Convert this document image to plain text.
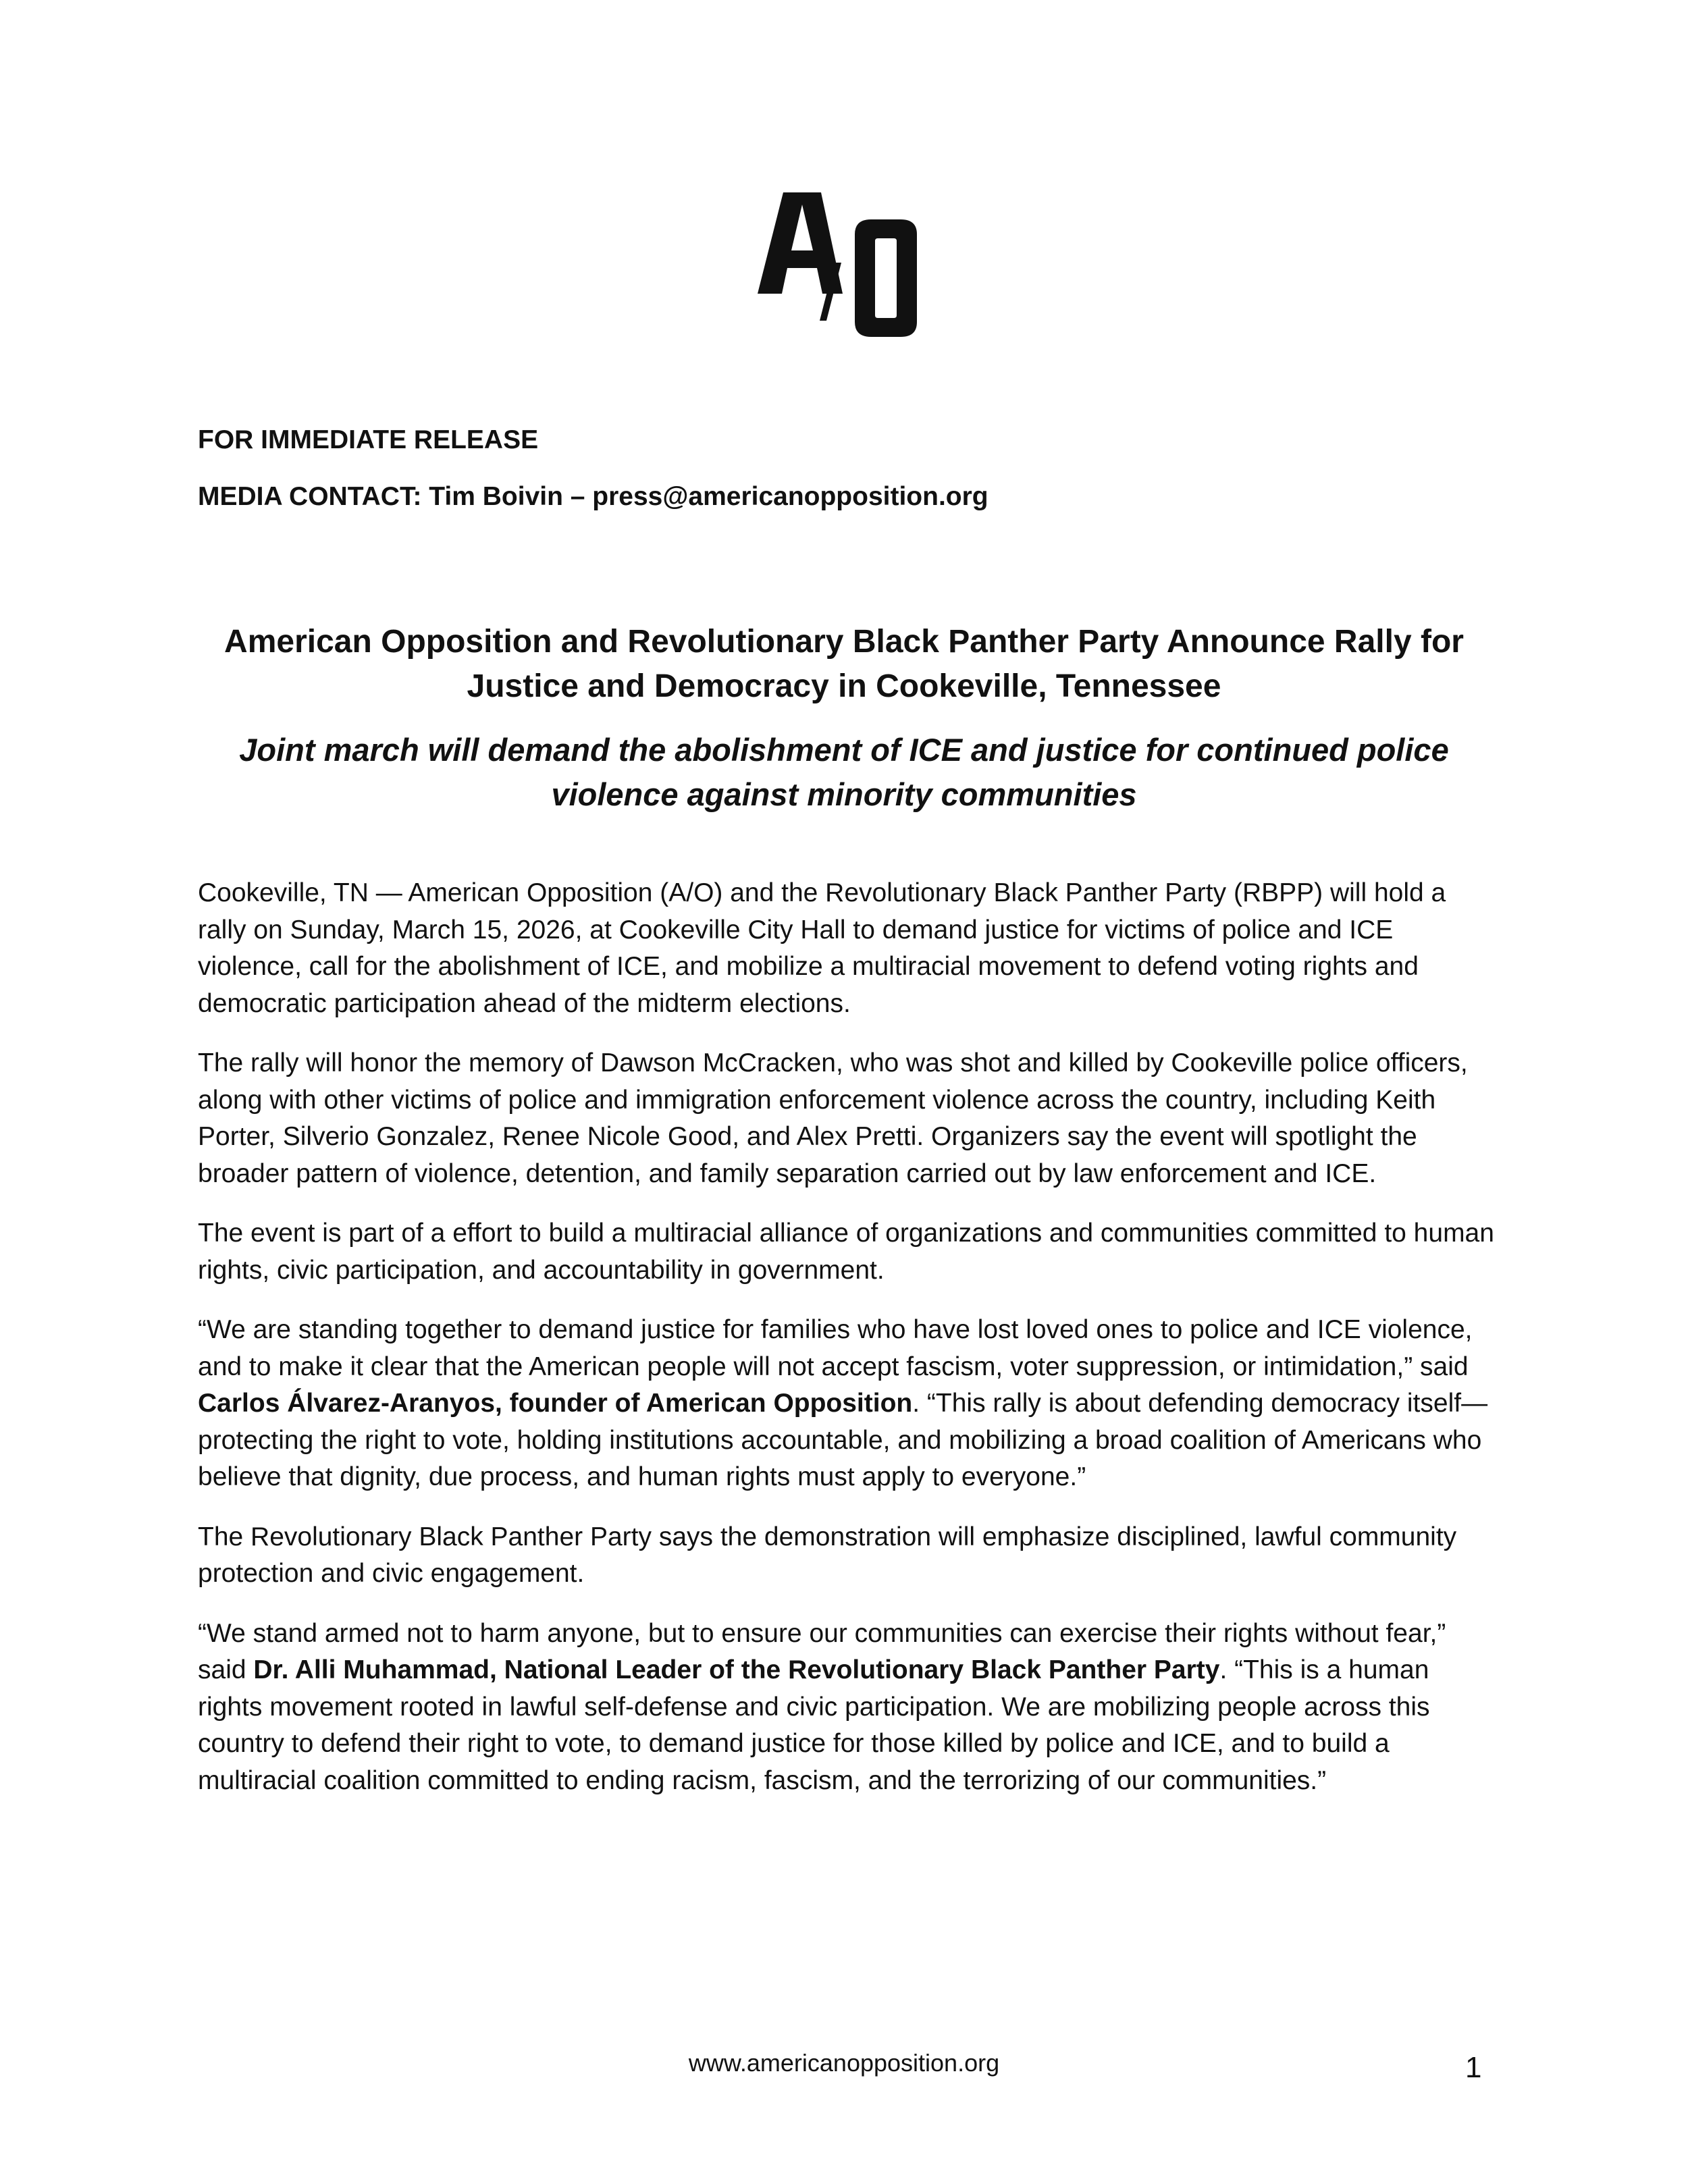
FOR IMMEDIATE RELEASE

MEDIA CONTACT: Tim Boivin – press@americanopposition.org

American Opposition and Revolutionary Black Panther Party Announce Rally for Justice and Democracy in Cookeville, Tennessee
Joint march will demand the abolishment of ICE and justice for continued police violence against minority communities

Cookeville, TN — American Opposition (A/O) and the Revolutionary Black Panther Party (RBPP) will hold a rally on Sunday, March 15, 2026, at Cookeville City Hall to demand justice for victims of police and ICE violence, call for the abolishment of ICE, and mobilize a multiracial movement to defend voting rights and democratic participation ahead of the midterm elections.

The rally will honor the memory of Dawson McCracken, who was shot and killed by Cookeville police officers, along with other victims of police and immigration enforcement violence across the country, including Keith Porter, Silverio Gonzalez, Renee Nicole Good, and Alex Pretti. Organizers say the event will spotlight the broader pattern of violence, detention, and family separation carried out by law enforcement and ICE.

The event is part of a effort to build a multiracial alliance of organizations and communities committed to human rights, civic participation, and accountability in government.

“We are standing together to demand justice for families who have lost loved ones to police and ICE violence, and to make it clear that the American people will not accept fascism, voter suppression, or intimidation,” said Carlos Álvarez-Aranyos, founder of American Opposition. “This rally is about defending democracy itself—protecting the right to vote, holding institutions accountable, and mobilizing a broad coalition of Americans who believe that dignity, due process, and human rights must apply to everyone.”

The Revolutionary Black Panther Party says the demonstration will emphasize disciplined, lawful community protection and civic engagement.

“We stand armed not to harm anyone, but to ensure our communities can exercise their rights without fear,” said Dr. Alli Muhammad, National Leader of the Revolutionary Black Panther Party. “This is a human rights movement rooted in lawful self-defense and civic participation. We are mobilizing people across this country to defend their right to vote, to demand justice for those killed by police and ICE, and to build a multiracial coalition committed to ending racism, fascism, and the terrorizing of our communities.”

www.americanopposition.org	1
